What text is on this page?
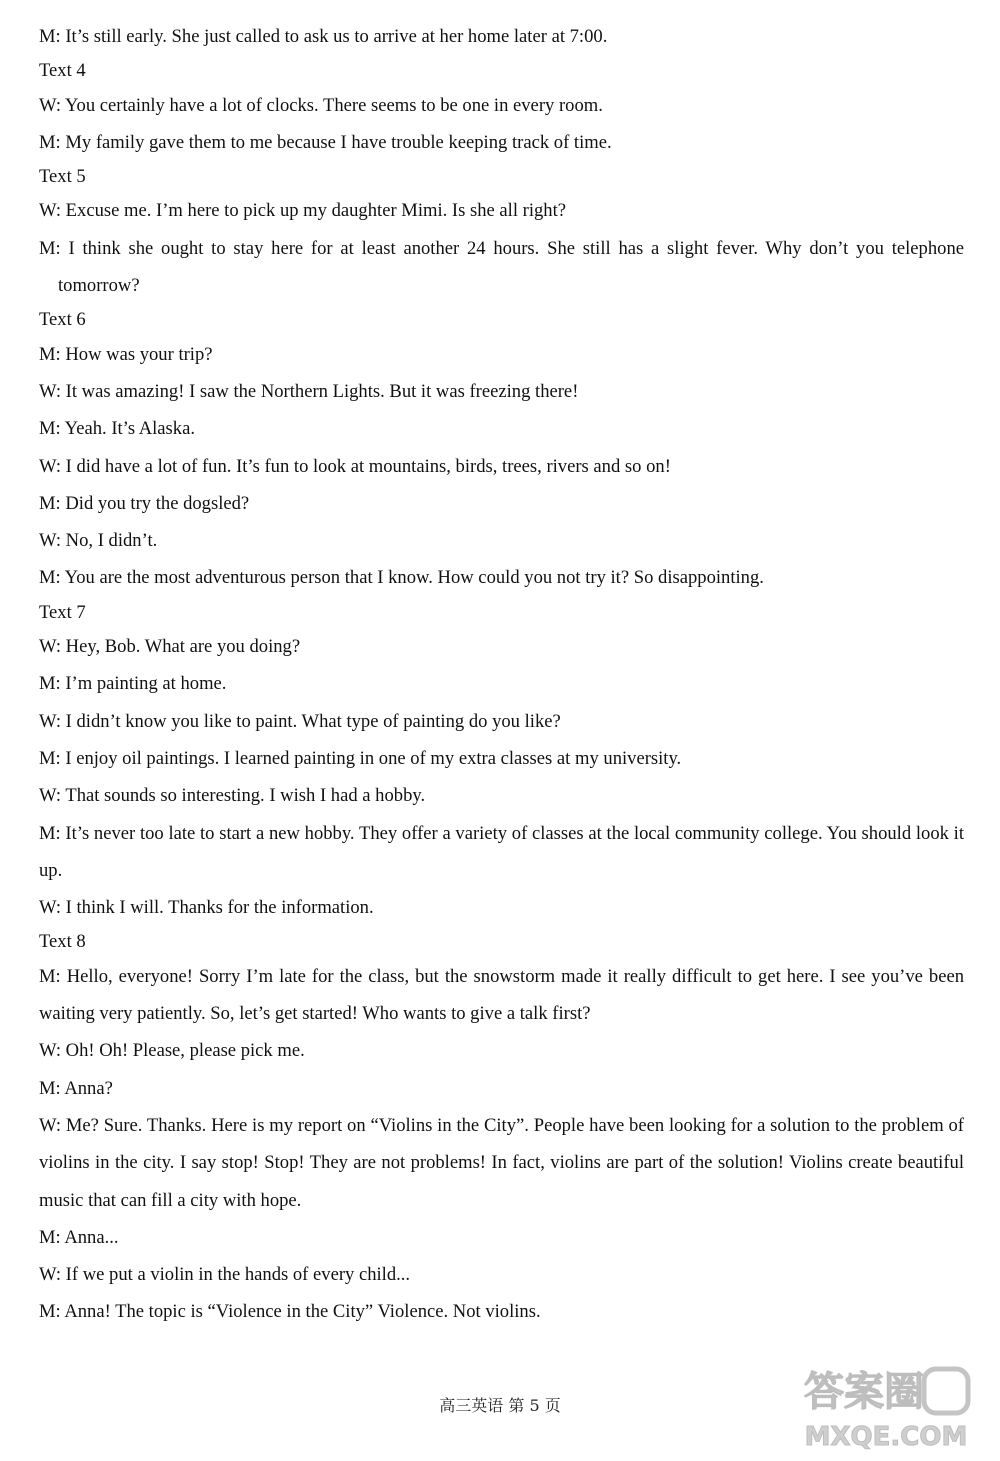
M: It’s still early. She just called to ask us to arrive at her home later at 7:00.
Text 4
W: You certainly have a lot of clocks. There seems to be one in every room.
M: My family gave them to me because I have trouble keeping track of time.
Text 5
W: Excuse me. I’m here to pick up my daughter Mimi. Is she all right?
M: I think she ought to stay here for at least another 24 hours. She still has a slight fever. Why don’t you telephone tomorrow?
Text 6
M: How was your trip?
W: It was amazing! I saw the Northern Lights. But it was freezing there!
M: Yeah. It’s Alaska.
W: I did have a lot of fun. It’s fun to look at mountains, birds, trees, rivers and so on!
M: Did you try the dogsled?
W: No, I didn’t.
M: You are the most adventurous person that I know. How could you not try it? So disappointing.
Text 7
W: Hey, Bob. What are you doing?
M: I’m painting at home.
W: I didn’t know you like to paint. What type of painting do you like?
M: I enjoy oil paintings. I learned painting in one of my extra classes at my university.
W: That sounds so interesting. I wish I had a hobby.
M: It’s never too late to start a new hobby. They offer a variety of classes at the local community college. You should look it up.
W: I think I will. Thanks for the information.
Text 8
M: Hello, everyone! Sorry I’m late for the class, but the snowstorm made it really difficult to get here. I see you’ve been waiting very patiently. So, let’s get started! Who wants to give a talk first?
W: Oh! Oh! Please, please pick me.
M: Anna?
W: Me? Sure. Thanks. Here is my report on “Violins in the City”. People have been looking for a solution to the problem of violins in the city. I say stop! Stop! They are not problems! In fact, violins are part of the solution! Violins create beautiful music that can fill a city with hope.
M: Anna...
W: If we put a violin in the hands of every child...
M: Anna! The topic is “Violence in the City” Violence. Not violins.
高三英语 第 5 页	答案圈
MXQE.COM
